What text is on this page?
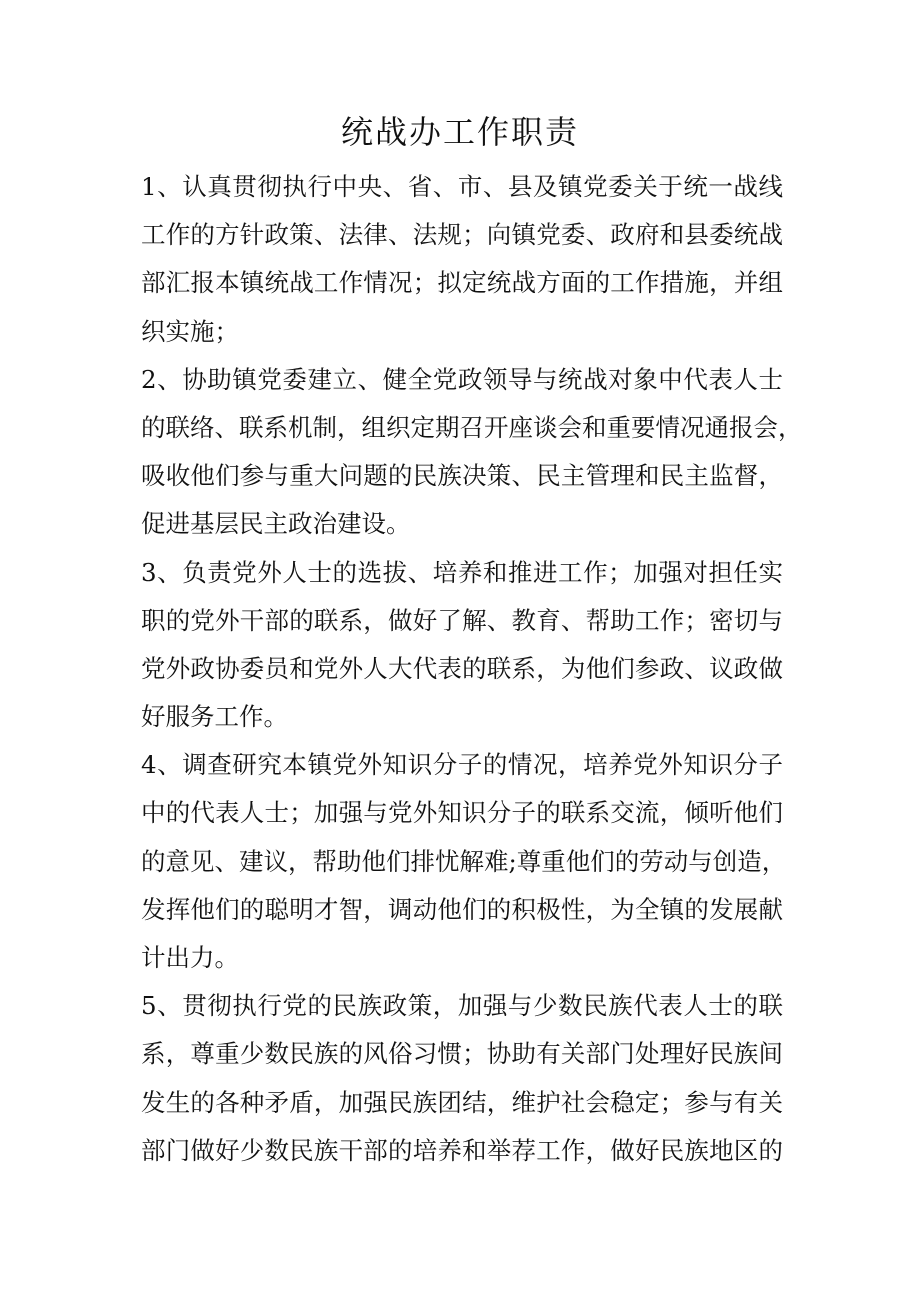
统战办工作职责
1、认真贯彻执行中央、省、市、县及镇党委关于统一战线
工作的方针政策、法律、法规；向镇党委、政府和县委统战
部汇报本镇统战工作情况；拟定统战方面的工作措施，并组
织实施；
2、协助镇党委建立、健全党政领导与统战对象中代表人士
的联络、联系机制，组织定期召开座谈会和重要情况通报会，
吸收他们参与重大问题的民族决策、民主管理和民主监督，
促进基层民主政治建设。
3、负责党外人士的选拔、培养和推进工作；加强对担任实
职的党外干部的联系，做好了解、教育、帮助工作；密切与
党外政协委员和党外人大代表的联系，为他们参政、议政做
好服务工作。
4、调查研究本镇党外知识分子的情况，培养党外知识分子
中的代表人士；加强与党外知识分子的联系交流，倾听他们
的意见、建议，帮助他们排忧解难;尊重他们的劳动与创造，
发挥他们的聪明才智，调动他们的积极性，为全镇的发展献
计出力。
5、贯彻执行党的民族政策，加强与少数民族代表人士的联
系，尊重少数民族的风俗习惯；协助有关部门处理好民族间
发生的各种矛盾，加强民族团结，维护社会稳定；参与有关
部门做好少数民族干部的培养和举荐工作，做好民族地区的
